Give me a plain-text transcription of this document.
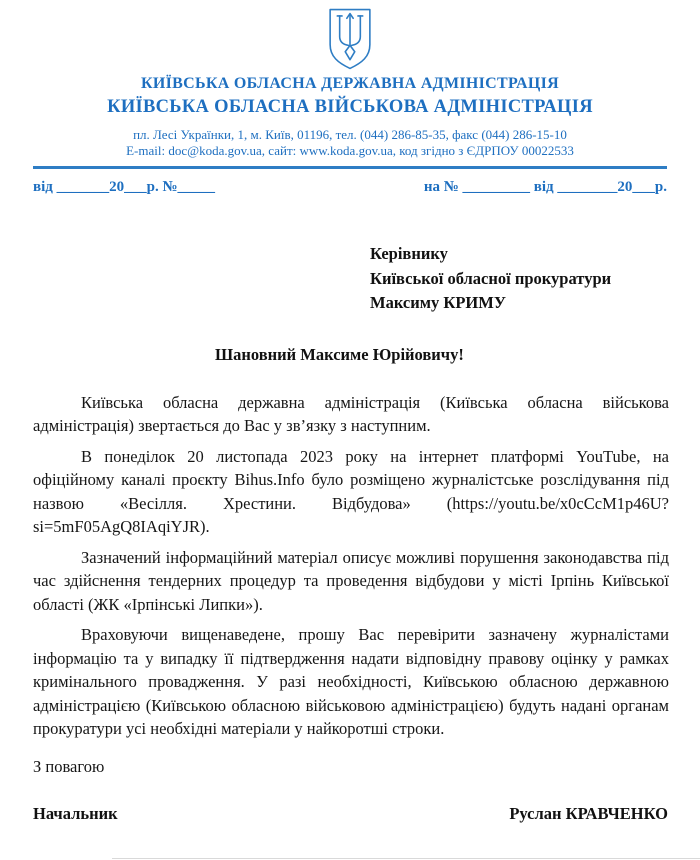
КИЇВСЬКА ОБЛАСНА ДЕРЖАВНА АДМІНІСТРАЦІЯ
КИЇВСЬКА ОБЛАСНА ВІЙСЬКОВА АДМІНІСТРАЦІЯ
пл. Лесі Українки, 1, м. Київ, 01196, тел. (044) 286-85-35, факс (044) 286-15-10
E-mail: doc@koda.gov.ua, сайт: www.koda.gov.ua, код згідно з ЄДРПОУ 00022533
від _______20___р. №_____	на № _________ від ________20___р.
Керівнику
Київської обласної прокуратури
Максиму КРИМУ
Шановний Максиме Юрійовичу!

Київська обласна державна адміністрація (Київська обласна військова адміністрація) звертається до Вас у зв’язку з наступним.

В понеділок 20 листопада 2023 року на інтернет платформі YouTube, на офіційному каналі проєкту Bihus.Info було розміщено журналістське розслідування під назвою «Весілля. Хрестини. Відбудова» (https://youtu.be/x0cCcM1p46U?si=5mF05AgQ8IAqiYJR).

Зазначений інформаційний матеріал описує можливі порушення законодавства під час здійснення тендерних процедур та проведення відбудови у місті Ірпінь Київської області (ЖК «Ірпінські Липки»).

Враховуючи вищенаведене, прошу Вас перевірити зазначену журналістами інформацію та у випадку її підтвердження надати відповідну правову оцінку у рамках кримінального провадження. У разі необхідності, Київською обласною державною адміністрацією (Київською обласною військовою адміністрацією) будуть надані органам прокуратури усі необхідні матеріали у найкоротші строки.

З повагою
Начальник	Руслан КРАВЧЕНКО
